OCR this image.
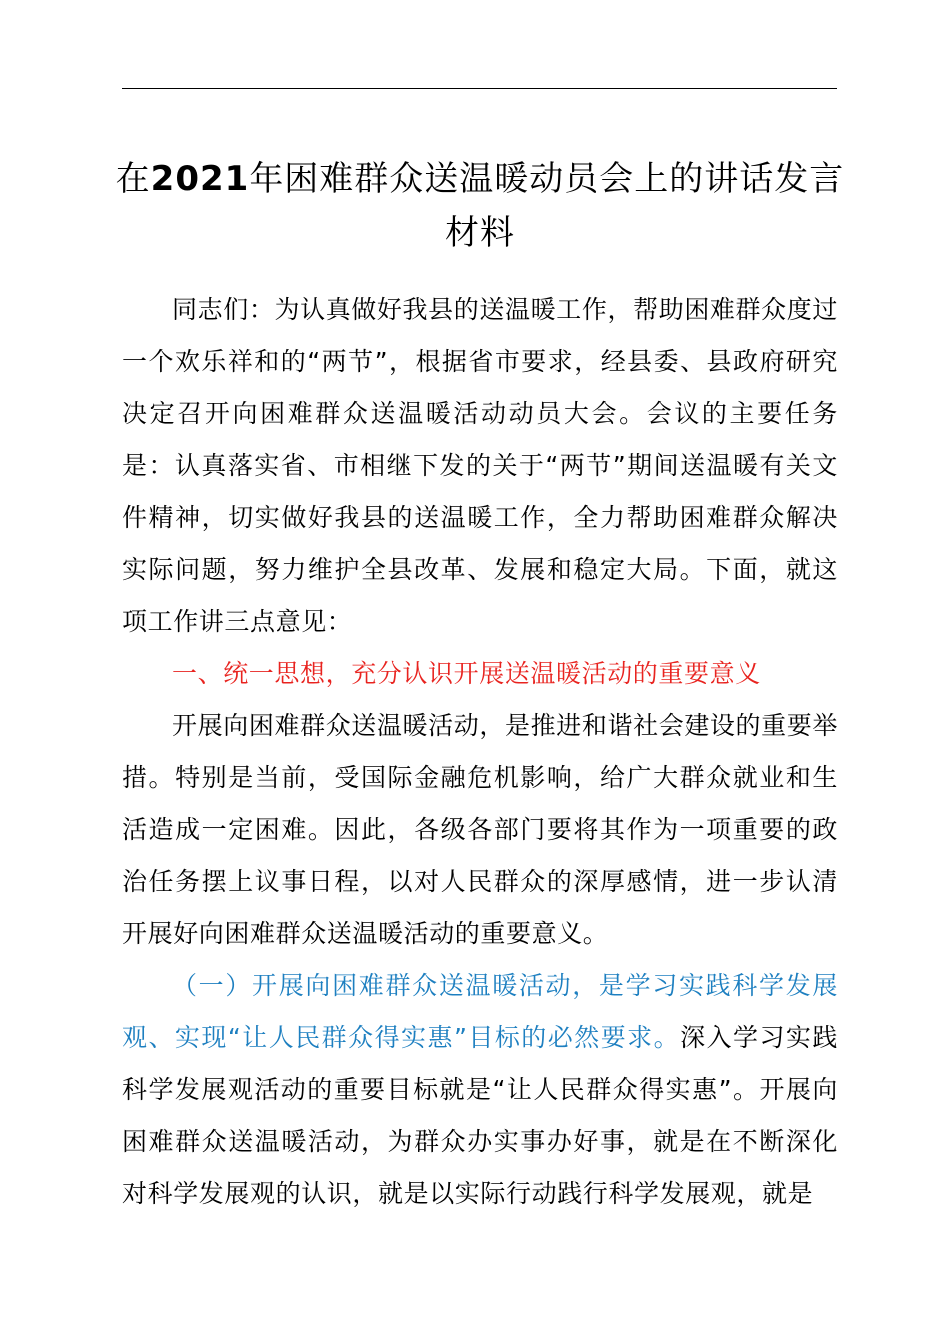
在2021年困难群众送温暖动员会上的讲话发言材料

同志们：为认真做好我县的送温暖工作，帮助困难群众度过一个欢乐祥和的“两节”，根据省市要求，经县委、县政府研究决定召开向困难群众送温暖活动动员大会。会议的主要任务是：认真落实省、市相继下发的关于“两节”期间送温暖有关文件精神，切实做好我县的送温暖工作，全力帮助困难群众解决实际问题，努力维护全县改革、发展和稳定大局。下面，就这项工作讲三点意见：

一、统一思想，充分认识开展送温暖活动的重要意义

开展向困难群众送温暖活动，是推进和谐社会建设的重要举措。特别是当前，受国际金融危机影响，给广大群众就业和生活造成一定困难。因此，各级各部门要将其作为一项重要的政治任务摆上议事日程，以对人民群众的深厚感情，进一步认清开展好向困难群众送温暖活动的重要意义。

（一）开展向困难群众送温暖活动，是学习实践科学发展观、实现“让人民群众得实惠”目标的必然要求。深入学习实践科学发展观活动的重要目标就是“让人民群众得实惠”。开展向困难群众送温暖活动，为群众办实事办好事，就是在不断深化对科学发展观的认识，就是以实际行动践行科学发展观，就是
